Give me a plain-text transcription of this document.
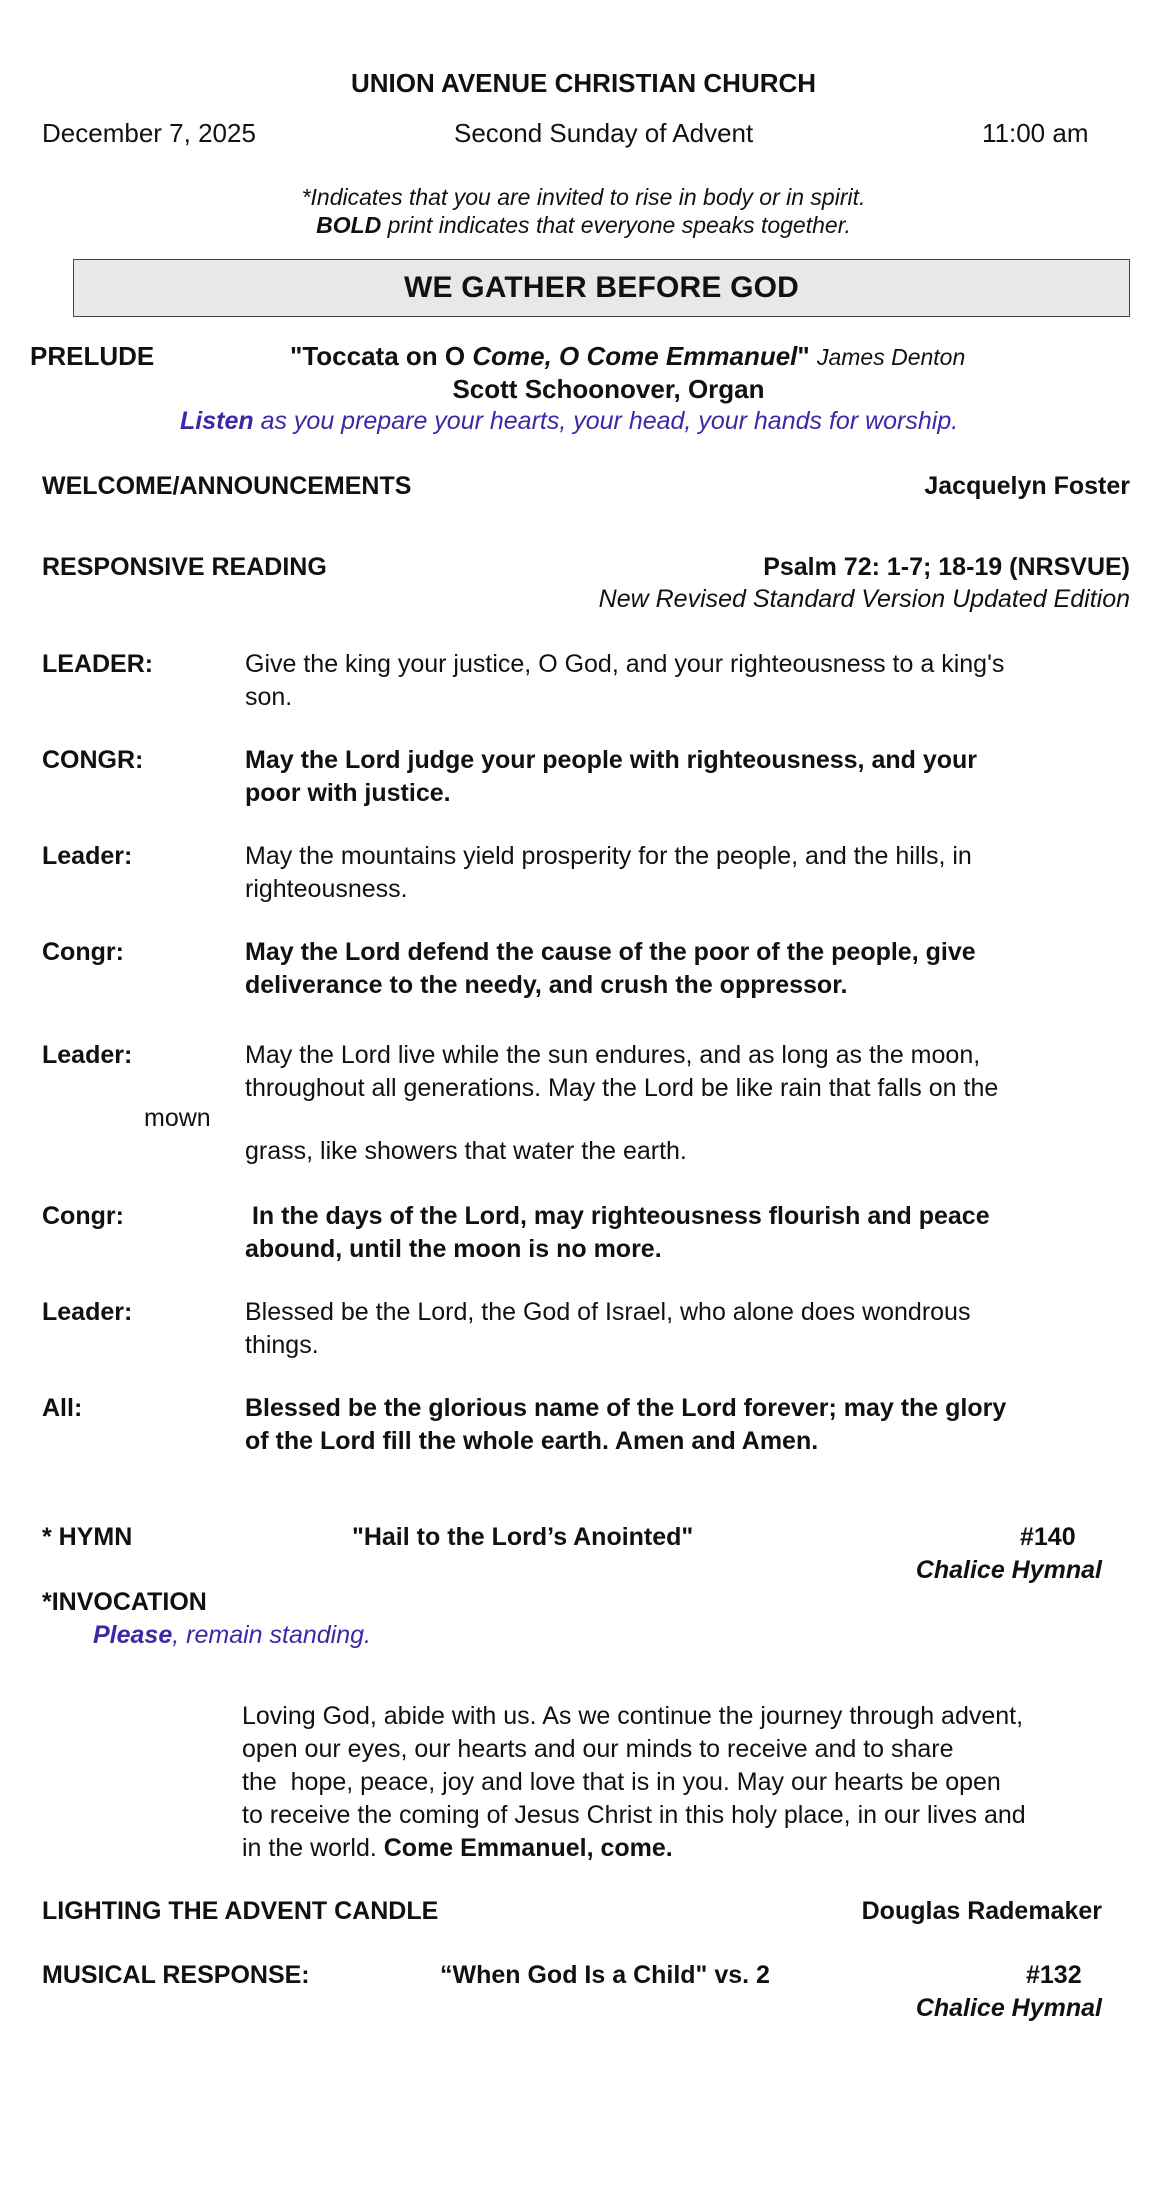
UNION AVENUE CHRISTIAN CHURCH
December 7, 2025	Second Sunday of Advent	11:00 am
*Indicates that you are invited to rise in body or in spirit.
BOLD print indicates that everyone speaks together.
WE GATHER BEFORE GOD
PRELUDE	"Toccata on O Come, O Come Emmanuel" James Denton
Scott Schoonover, Organ
Listen as you prepare your hearts, your head, your hands for worship.
WELCOME/ANNOUNCEMENTS	Jacquelyn Foster
RESPONSIVE READING	Psalm 72: 1-7; 18-19 (NRSVUE)
New Revised Standard Version Updated Edition
LEADER:	Give the king your justice, O God, and your righteousness to a king's
son.
CONGR:	May the Lord judge your people with righteousness, and your
poor with justice.
Leader:	May the mountains yield prosperity for the people, and the hills, in
righteousness.
Congr:	May the Lord defend the cause of the poor of the people, give
deliverance to the needy, and crush the oppressor.
Leader:	May the Lord live while the sun endures, and as long as the moon,
throughout all generations. May the Lord be like rain that falls on the
mown
grass, like showers that water the earth.
Congr:	In the days of the Lord, may righteousness flourish and peace
abound, until the moon is no more.
Leader:	Blessed be the Lord, the God of Israel, who alone does wondrous
things.
All:	Blessed be the glorious name of the Lord forever; may the glory
of the Lord fill the whole earth. Amen and Amen.
* HYMN	"Hail to the Lord’s Anointed"	#140
Chalice Hymnal
*INVOCATION
Please, remain standing.

Loving God, abide with us. As we continue the journey through advent,
open our eyes, our hearts and our minds to receive and to share
the  hope, peace, joy and love that is in you. May our hearts be open
to receive the coming of Jesus Christ in this holy place, in our lives and
in the world. Come Emmanuel, come.

LIGHTING THE ADVENT CANDLE	Douglas Rademaker
MUSICAL RESPONSE:	“When God Is a Child" vs. 2	#132
Chalice Hymnal
